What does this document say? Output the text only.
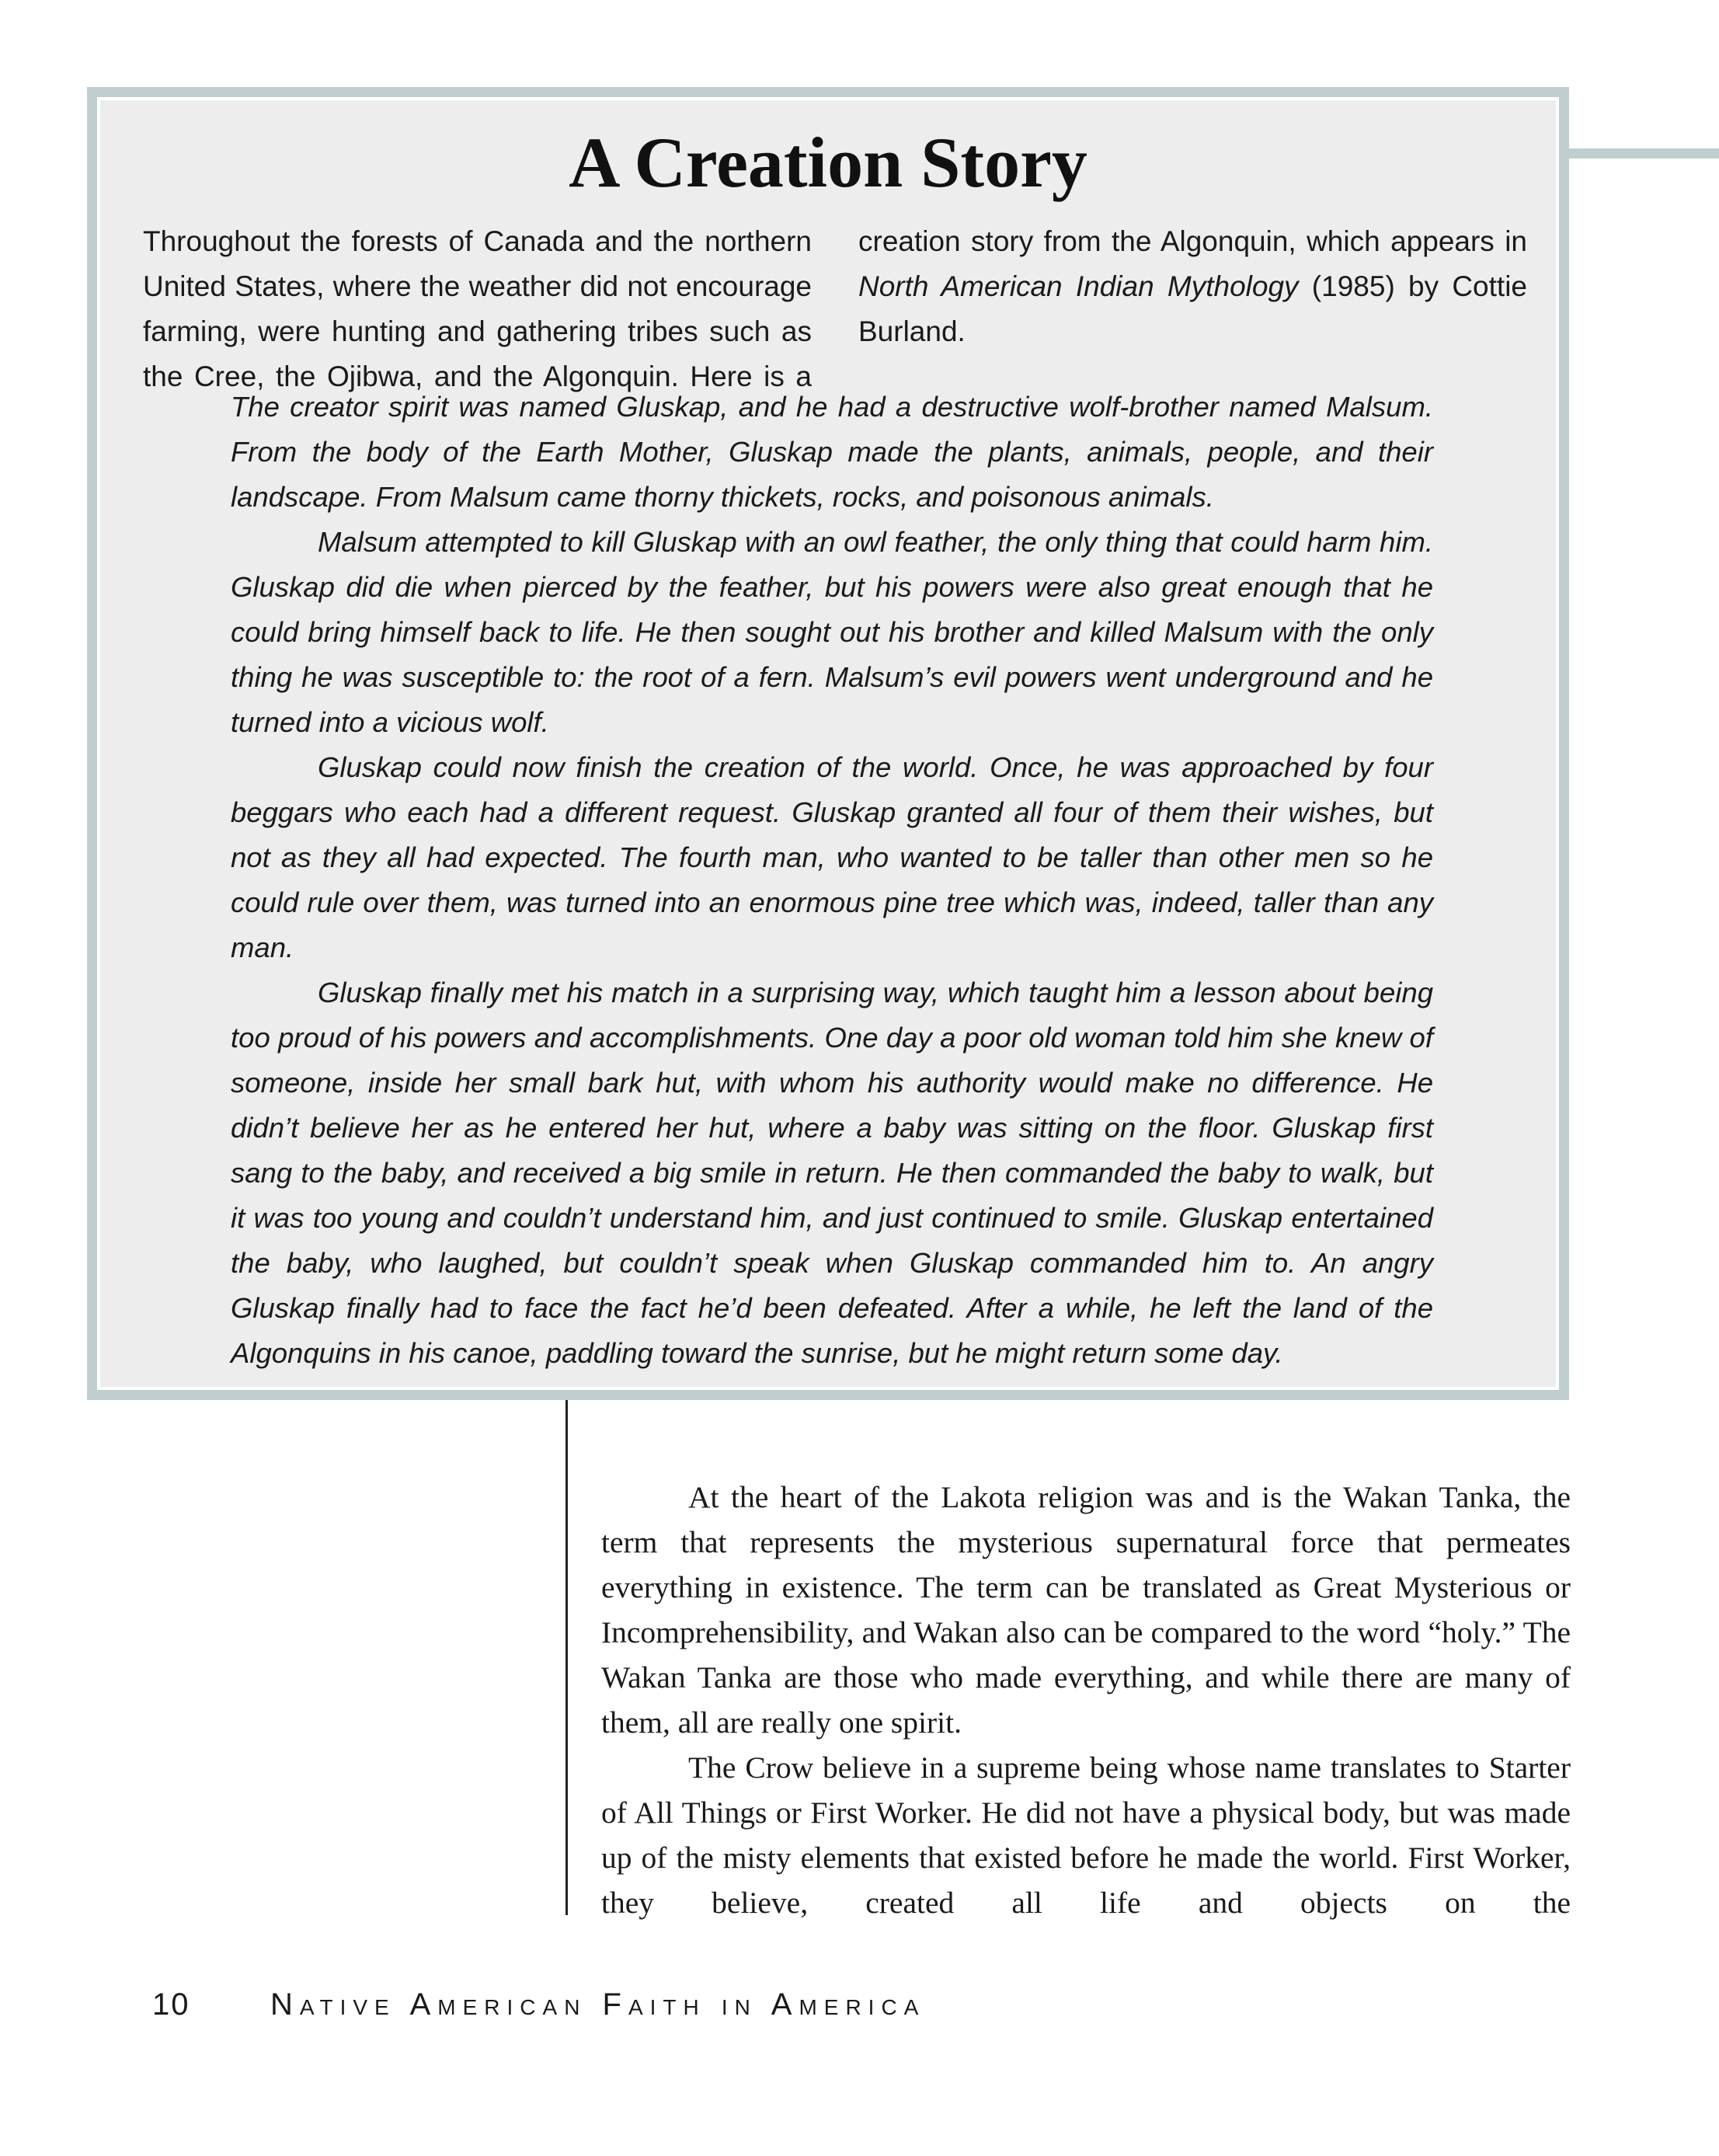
A Creation Story

Throughout the forests of Canada and the northern United States, where the weather did not encourage farming, were hunting and gathering tribes such as the Cree, the Ojibwa, and the Algonquin. Here is a creation story from the Algonquin, which appears in North American Indian Mythology (1985) by Cottie Burland.

The creator spirit was named Gluskap, and he had a destructive wolf-brother named Malsum. From the body of the Earth Mother, Gluskap made the plants, animals, people, and their landscape. From Malsum came thorny thickets, rocks, and poisonous animals.

Malsum attempted to kill Gluskap with an owl feather, the only thing that could harm him. Gluskap did die when pierced by the feather, but his powers were also great enough that he could bring himself back to life. He then sought out his brother and killed Malsum with the only thing he was susceptible to: the root of a fern. Malsum’s evil powers went underground and he turned into a vicious wolf.

Gluskap could now finish the creation of the world. Once, he was approached by four beggars who each had a different request. Gluskap granted all four of them their wishes, but not as they all had expected. The fourth man, who wanted to be taller than other men so he could rule over them, was turned into an enormous pine tree which was, indeed, taller than any man.

Gluskap finally met his match in a surprising way, which taught him a lesson about being too proud of his powers and accomplishments. One day a poor old woman told him she knew of someone, inside her small bark hut, with whom his authority would make no difference. He didn’t believe her as he entered her hut, where a baby was sitting on the floor. Gluskap first sang to the baby, and received a big smile in return. He then commanded the baby to walk, but it was too young and couldn’t understand him, and just continued to smile. Gluskap entertained the baby, who laughed, but couldn’t speak when Gluskap commanded him to. An angry Gluskap finally had to face the fact he’d been defeated. After a while, he left the land of the Algonquins in his canoe, paddling toward the sunrise, but he might return some day.

At the heart of the Lakota religion was and is the Wakan Tanka, the term that represents the mysterious supernatural force that permeates everything in existence. The term can be translated as Great Mysterious or Incomprehensibility, and Wakan also can be compared to the word “holy.” The Wakan Tanka are those who made everything, and while there are many of them, all are really one spirit.

The Crow believe in a supreme being whose name translates to Starter of All Things or First Worker. He did not have a physical body, but was made up of the misty elements that existed before he made the world. First Worker, they believe, created all life and objects on the

10	Native American Faith in America
